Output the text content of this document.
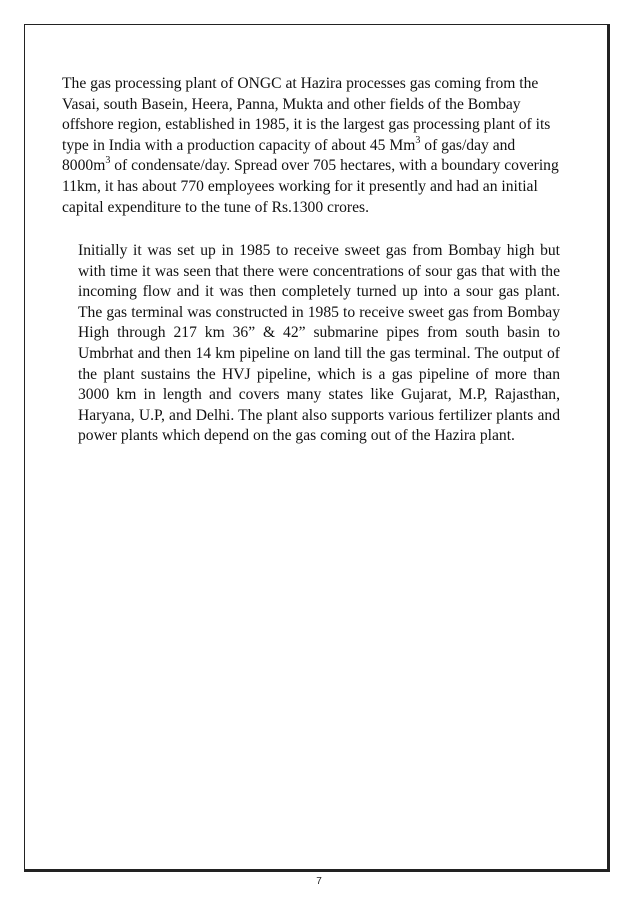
The gas processing plant of ONGC at Hazira processes gas coming from the Vasai, south Basein, Heera, Panna, Mukta and other fields of the Bombay offshore region, established in 1985, it is the largest gas processing plant of its type in India with a production capacity of about 45 Mm$^3$ of gas/day and $8000m^3$ of condensate/day. Spread over 705 hectares, with a boundary covering 11km, it has about 770 employees working for it presently and had an initial capital expenditure to the tune of Rs.1300 crores.

Initially it was set up in 1985 to receive sweet gas from Bombay high but with time it was seen that there were concentrations of sour gas that with the incoming flow and it was then completely turned up into a sour gas plant. The gas terminal was constructed in 1985 to receive sweet gas from Bombay High through 217 km 36” & 42” submarine pipes from south basin to Umbrhat and then 14 km pipeline on land till the gas terminal. The output of the plant sustains the HVJ pipeline, which is a gas pipeline of more than 3000 km in length and covers many states like Gujarat, M.P, Rajasthan, Haryana, U.P, and Delhi. The plant also supports various fertilizer plants and power plants which depend on the gas coming out of the Hazira plant.

7
